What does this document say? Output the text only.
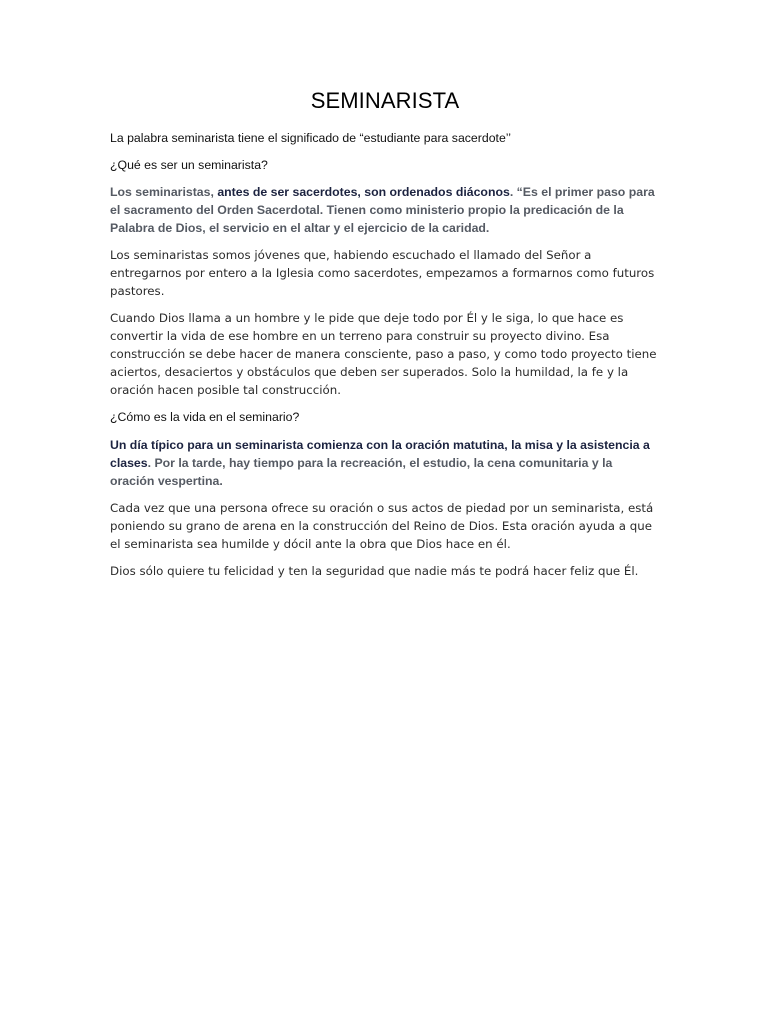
SEMINARISTA

La palabra seminarista tiene el significado de “estudiante para sacerdote’’

¿Qué es ser un seminarista?

Los seminaristas, antes de ser sacerdotes, son ordenados diáconos. “Es el primer paso para el sacramento del Orden Sacerdotal. Tienen como ministerio propio la predicación de la Palabra de Dios, el servicio en el altar y el ejercicio de la caridad.

Los seminaristas somos jóvenes que, habiendo escuchado el llamado del Señor a entregarnos por entero a la Iglesia como sacerdotes, empezamos a formarnos como futuros pastores.

Cuando Dios llama a un hombre y le pide que deje todo por Él y le siga, lo que hace es convertir la vida de ese hombre en un terreno para construir su proyecto divino. Esa construcción se debe hacer de manera consciente, paso a paso, y como todo proyecto tiene aciertos, desaciertos y obstáculos que deben ser superados. Solo la humildad, la fe y la oración hacen posible tal construcción.

¿Cómo es la vida en el seminario?

Un día típico para un seminarista comienza con la oración matutina, la misa y la asistencia a clases. Por la tarde, hay tiempo para la recreación, el estudio, la cena comunitaria y la oración vespertina.

Cada vez que una persona ofrece su oración o sus actos de piedad por un seminarista, está poniendo su grano de arena en la construcción del Reino de Dios. Esta oración ayuda a que el seminarista sea humilde y dócil ante la obra que Dios hace en él.

Dios sólo quiere tu felicidad y ten la seguridad que nadie más te podrá hacer feliz que Él.
